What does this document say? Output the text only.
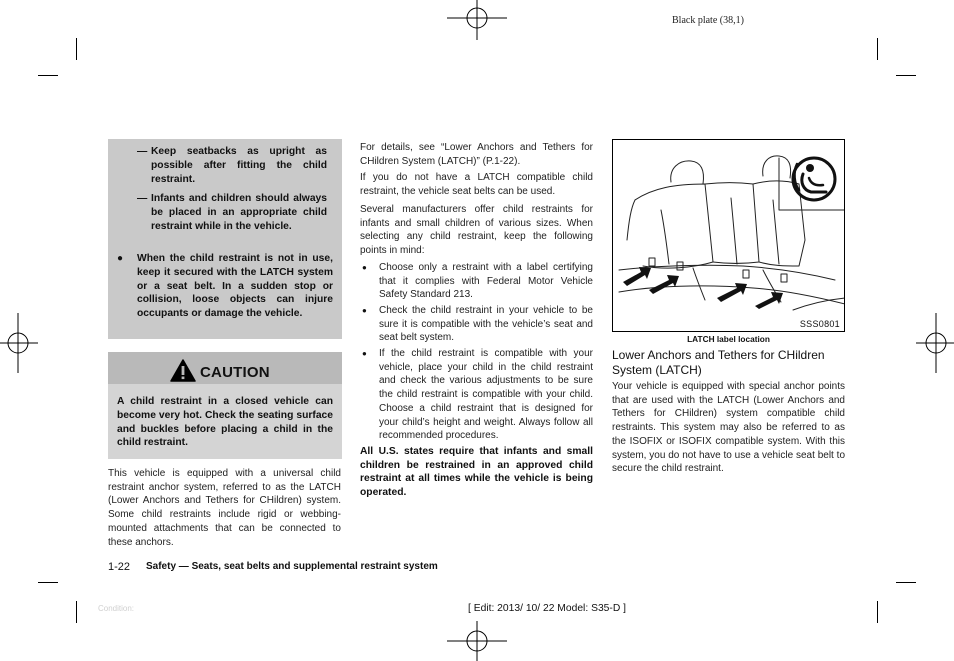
Black plate (38,1)
— Keep seatbacks as upright as possible after fitting the child restraint.
— Infants and children should always be placed in an appropriate child restraint while in the vehicle.
● When the child restraint is not in use, keep it secured with the LATCH system or a seat belt. In a sudden stop or collision, loose objects can injure occupants or damage the vehicle.
CAUTION
A child restraint in a closed vehicle can become very hot. Check the seating surface and buckles before placing a child in the child restraint.
This vehicle is equipped with a universal child restraint anchor system, referred to as the LATCH (Lower Anchors and Tethers for CHildren) system. Some child restraints include rigid or webbing-mounted attachments that can be connected to these anchors.
For details, see “Lower Anchors and Tethers for CHildren System (LATCH)” (P.1-22).
If you do not have a LATCH compatible child restraint, the vehicle seat belts can be used.
Several manufacturers offer child restraints for infants and small children of various sizes. When selecting any child restraint, keep the following points in mind:
● Choose only a restraint with a label certifying that it complies with Federal Motor Vehicle Safety Standard 213.
● Check the child restraint in your vehicle to be sure it is compatible with the vehicle’s seat and seat belt system.
● If the child restraint is compatible with your vehicle, place your child in the child restraint and check the various adjustments to be sure the child restraint is compatible with your child. Choose a child restraint that is designed for your child’s height and weight. Always follow all recommended procedures.
All U.S. states require that infants and small children be restrained in an approved child restraint at all times while the vehicle is being operated.
SSS0801
LATCH label location
Lower Anchors and Tethers for CHildren System (LATCH)
Your vehicle is equipped with special anchor points that are used with the LATCH (Lower Anchors and Tethers for CHildren) system compatible child restraints. This system may also be referred to as the ISOFIX or ISOFIX compatible system. With this system, you do not have to use a vehicle seat belt to secure the child restraint.
1-22 Safety — Seats, seat belts and supplemental restraint system
Condition:	[ Edit: 2013/ 10/ 22 Model: S35-D ]
